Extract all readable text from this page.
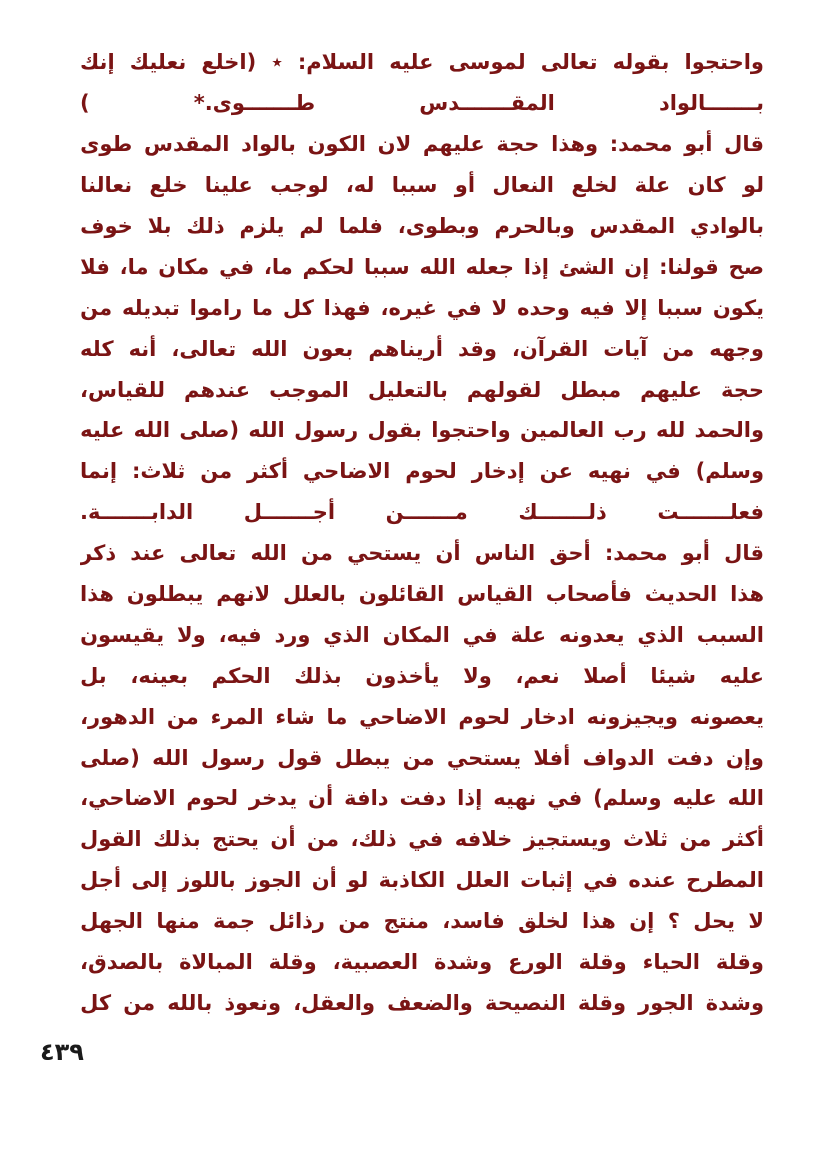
واحتجوا
بقوله
تعالى
لموسى
عليه
السلام:
٭
(اخلع
نعليك
إنك
بـــــــالواد
المقـــــــدس
طـــــــوى.*
)
قال
أبو
محمد:
وهذا
حجة
عليهم
لان
الكون
بالواد
المقدس
طوى
لو
كان
علة
لخلع
النعال
أو
سببا
له،
لوجب
علينا
خلع
نعالنا
بالوادي
المقدس
وبالحرم
وبطوى،
فلما
لم
يلزم
ذلك
بلا
خوف
صح
قولنا:
إن
الشئ
إذا
جعله
الله
سببا
لحكم
ما،
في
مكان
ما،
فلا
يكون
سببا
إلا
فيه
وحده
لا
في
غيره،
فهذا
كل
ما
راموا
تبديله
من
وجهه
من
آيات
القرآن،
وقد
أريناهم
بعون
الله
تعالى،
أنه
كله
حجة
عليهم
مبطل
لقولهم
بالتعليل
الموجب
عندهم
للقياس،
والحمد
لله
رب
العالمين
واحتجوا
بقول
رسول
الله
(صلى
الله
عليه
وسلم)
في
نهيه
عن
إدخار
لحوم
الاضاحي
أكثر
من
ثلاث:
إنما
فعلـــــــت
ذلـــــــك
مـــــــن
أجـــــــل
الدابـــــــة.
قال
أبو
محمد:
أحق
الناس
أن
يستحي
من
الله
تعالى
عند
ذكر
هذا
الحديث
فأصحاب
القياس
القائلون
بالعلل
لانهم
يبطلون
هذا
السبب
الذي
يعدونه
علة
في
المكان
الذي
ورد
فيه،
ولا
يقيسون
عليه
شيئا
أصلا
نعم،
ولا
يأخذون
بذلك
الحكم
بعينه،
بل
يعصونه
ويجيزونه
ادخار
لحوم
الاضاحي
ما
شاء
المرء
من
الدهور،
وإن
دفت
الدواف
أفلا
يستحي
من
يبطل
قول
رسول
الله
(صلى
الله
عليه
وسلم)
في
نهيه
إذا
دفت
دافة
أن
يدخر
لحوم
الاضاحي،
أكثر
من
ثلاث
ويستجيز
خلافه
في
ذلك،
من
أن
يحتج
بذلك
القول
المطرح
عنده
في
إثبات
العلل
الكاذبة
لو
أن
الجوز
باللوز
إلى
أجل
لا
يحل
؟
إن
هذا
لخلق
فاسد،
منتج
من
رذائل
جمة
منها
الجهل
وقلة
الحياء
وقلة
الورع
وشدة
العصبية،
وقلة
المبالاة
بالصدق،
وشدة
الجور
وقلة
النصيحة
والضعف
والعقل،
ونعوذ
بالله
من
كل
٤٣٩
